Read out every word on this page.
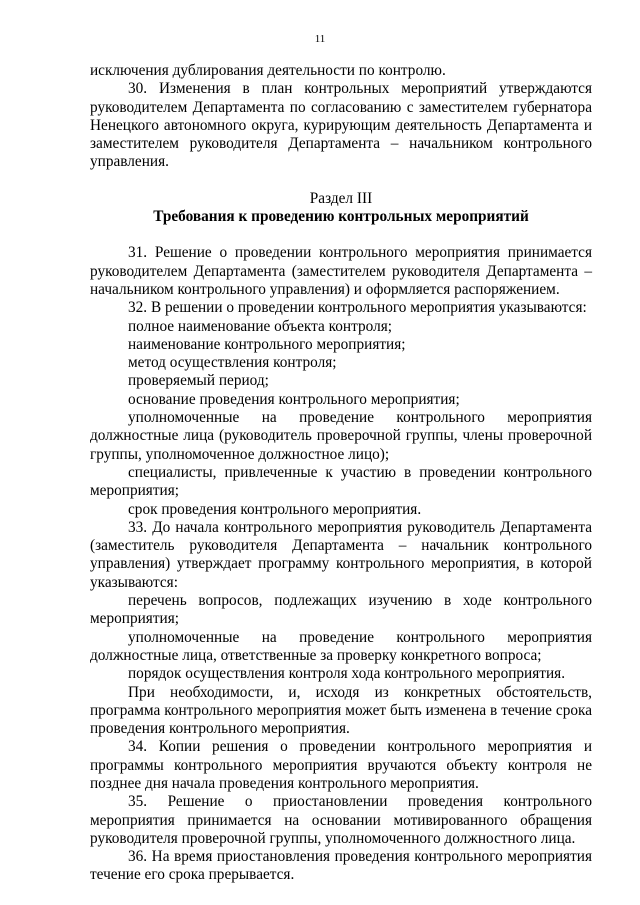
11

исключения дублирования деятельности по контролю.

30. Изменения в план контрольных мероприятий утверждаются руководителем Департамента по согласованию с заместителем губернатора Ненецкого автономного округа, курирующим деятельность Департамента и заместителем руководителя Департамента – начальником контрольного управления.

Раздел III
Требования к проведению контрольных мероприятий

31. Решение о проведении контрольного мероприятия принимается руководителем Департамента (заместителем руководителя Департамента – начальником контрольного управления) и оформляется распоряжением.

32. В решении о проведении контрольного мероприятия указываются:

полное наименование объекта контроля;

наименование контрольного мероприятия;

метод осуществления контроля;

проверяемый период;

основание проведения контрольного мероприятия;

уполномоченные на проведение контрольного мероприятия должностные лица (руководитель проверочной группы, члены проверочной группы, уполномоченное должностное лицо);

специалисты, привлеченные к участию в проведении контрольного мероприятия;

срок проведения контрольного мероприятия.

33. До начала контрольного мероприятия руководитель Департамента (заместитель руководителя Департамента – начальник контрольного управления) утверждает программу контрольного мероприятия, в которой указываются:

перечень вопросов, подлежащих изучению в ходе контрольного мероприятия;

уполномоченные на проведение контрольного мероприятия должностные лица, ответственные за проверку конкретного вопроса;

порядок осуществления контроля хода контрольного мероприятия.

При необходимости, и, исходя из конкретных обстоятельств, программа контрольного мероприятия может быть изменена в течение срока проведения контрольного мероприятия.

34. Копии решения о проведении контрольного мероприятия и программы контрольного мероприятия вручаются объекту контроля не позднее дня начала проведения контрольного мероприятия.

35. Решение о приостановлении проведения контрольного мероприятия принимается на основании мотивированного обращения руководителя проверочной группы, уполномоченного должностного лица.

36. На время приостановления проведения контрольного мероприятия течение его срока прерывается.
